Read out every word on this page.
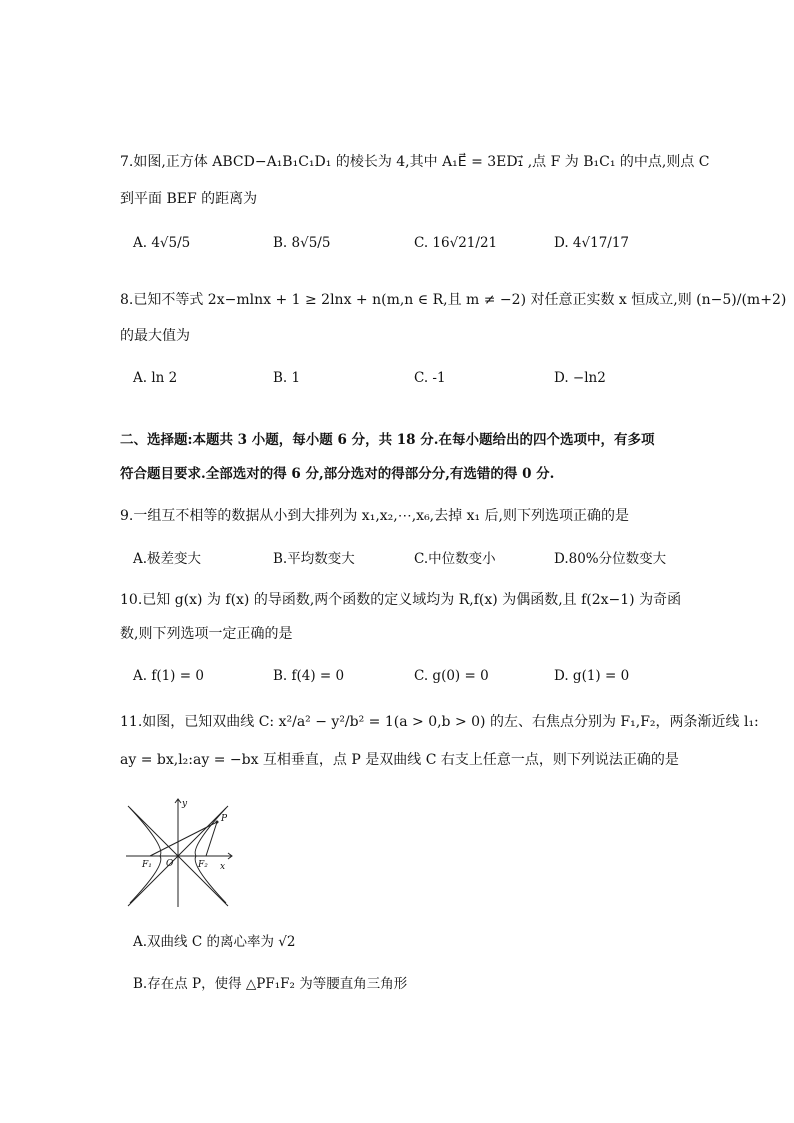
7.如图,正方体 ABCD−A₁B₁C₁D₁ 的棱长为 4,其中 A₁E⃗ = 3ED₁⃗ ,点 F 为 B₁C₁ 的中点,则点 C
到平面 BEF 的距离为
A. 4√5/5	B. 8√5/5	C. 16√21/21	D. 4√17/17
8.已知不等式 2x−mlnx + 1 ≥ 2lnx + n(m,n ∈ R,且 m ≠ −2) 对任意正实数 x 恒成立,则 (n−5)/(m+2)
的最大值为
A. ln 2	B. 1	C. -1	D. −ln2
二、选择题:本题共 3 小题，每小题 6 分，共 18 分.在每小题给出的四个选项中，有多项
符合题目要求.全部选对的得 6 分,部分选对的得部分分,有选错的得 0 分.
9.一组互不相等的数据从小到大排列为 x₁,x₂,⋯,x₆,去掉 x₁ 后,则下列选项正确的是
A.极差变大	B.平均数变大	C.中位数变小	D.80%分位数变大
10.已知 g(x) 为 f(x) 的导函数,两个函数的定义域均为 R,f(x) 为偶函数,且 f(2x−1) 为奇函
数,则下列选项一定正确的是
A. f(1) = 0	B. f(4) = 0	C. g(0) = 0	D. g(1) = 0
11.如图，已知双曲线 C: x²/a² − y²/b² = 1(a > 0,b > 0) 的左、右焦点分别为 F₁,F₂，两条渐近线 l₁:
ay = bx,l₂:ay = −bx 互相垂直，点 P 是双曲线 C 右支上任意一点，则下列说法正确的是
y
x
P
F₁ O	F₂
A.双曲线 C 的离心率为 √2
B.存在点 P，使得 △PF₁F₂ 为等腰直角三角形
